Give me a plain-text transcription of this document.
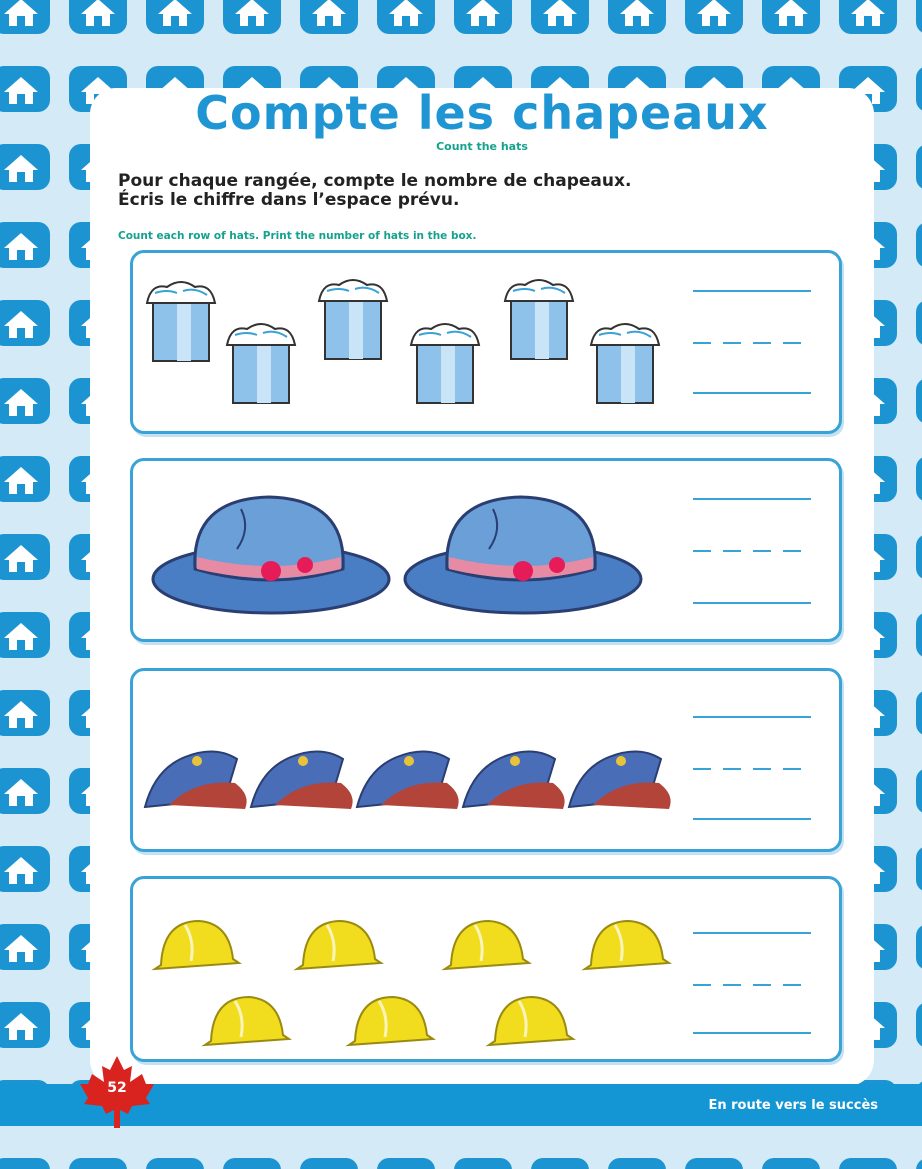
Compte les chapeaux
Count the hats
Pour chaque rangée, compte le nombre de chapeaux.
Écris le chiffre dans l’espace prévu.
Count each row of hats. Print the number of hats in the box.
En route vers le succès
52
